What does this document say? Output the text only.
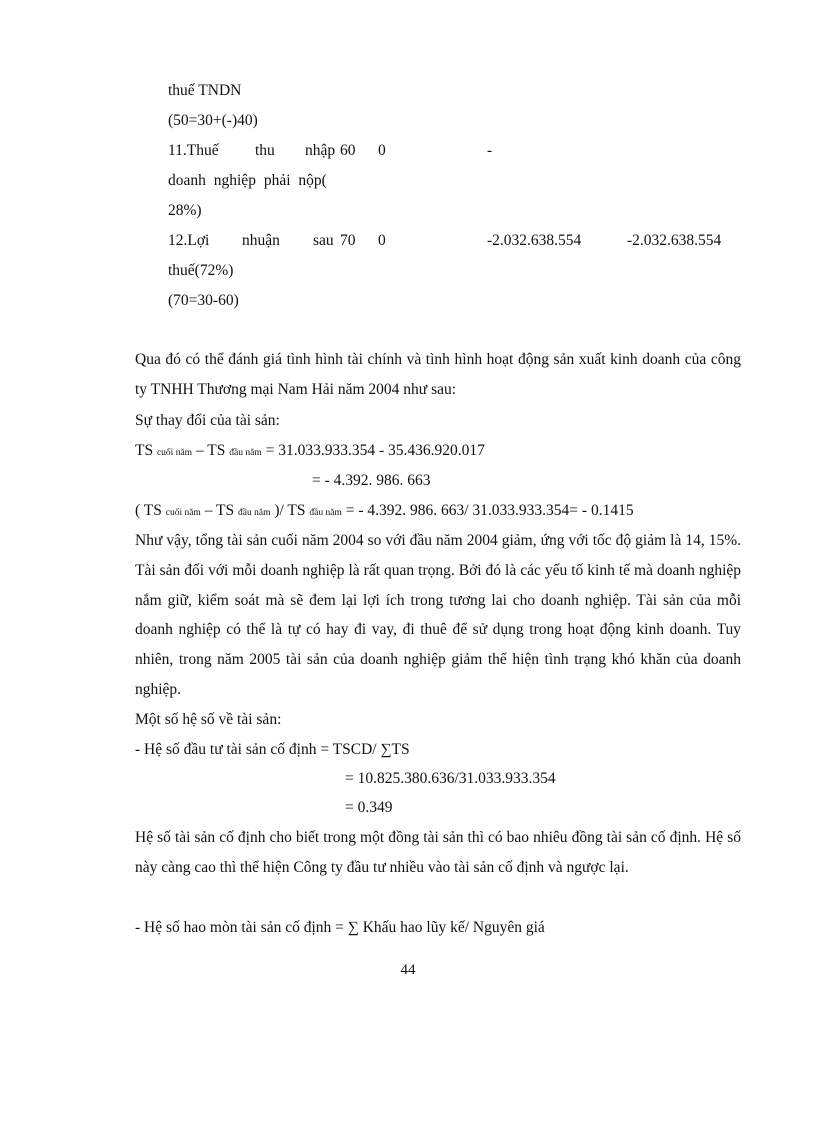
thuế TNDN
(50=30+(-)40)
11.Thuế thu nhập 60 0	-
doanh nghiệp phải nộp(
28%)
12.Lợi nhuận sau 70 0	-2.032.638.554	-2.032.638.554
thuế(72%)
(70=30-60)
Qua đó có thể đánh giá tình hình tài chính và tình hình hoạt động sản xuất kinh doanh của công ty TNHH Thương mại Nam Hải năm 2004 như sau:
Sự thay đổi của tài sản:
TS cuối năm – TS đầu năm = 31.033.933.354 - 35.436.920.017
= - 4.392. 986. 663
( TS cuối năm – TS đầu năm )/ TS đầu năm = - 4.392. 986. 663/ 31.033.933.354= - 0.1415
Như vậy, tổng tài sản cuối năm 2004 so với đầu năm 2004 giảm, ứng với tốc độ giảm là 14, 15%. Tài sản đối với mỗi doanh nghiệp là rất quan trọng. Bởi đó là các yếu tố kinh tế mà doanh nghiệp nắm giữ, kiểm soát mà sẽ đem lại lợi ích trong tương lai cho doanh nghiệp. Tài sản của mỗi doanh nghiệp có thể là tự có hay đi vay, đi thuê để sử dụng trong hoạt động kinh doanh. Tuy nhiên, trong năm 2005 tài sản của doanh nghiệp giảm thể hiện tình trạng khó khăn của doanh nghiệp.
Một số hệ số về tài sản:
- Hệ số đầu tư tài sản cố định = TSCD/ ∑TS
= 10.825.380.636/31.033.933.354
= 0.349
Hệ số tài sản cố định cho biết trong một đồng tài sản thì có bao nhiêu đồng tài sản cố định. Hệ số này càng cao thì thể hiện Công ty đầu tư nhiều vào tài sản cố định và ngược lại.
- Hệ số hao mòn tài sản cố định = ∑ Khấu hao lũy kế/ Nguyên giá
44
